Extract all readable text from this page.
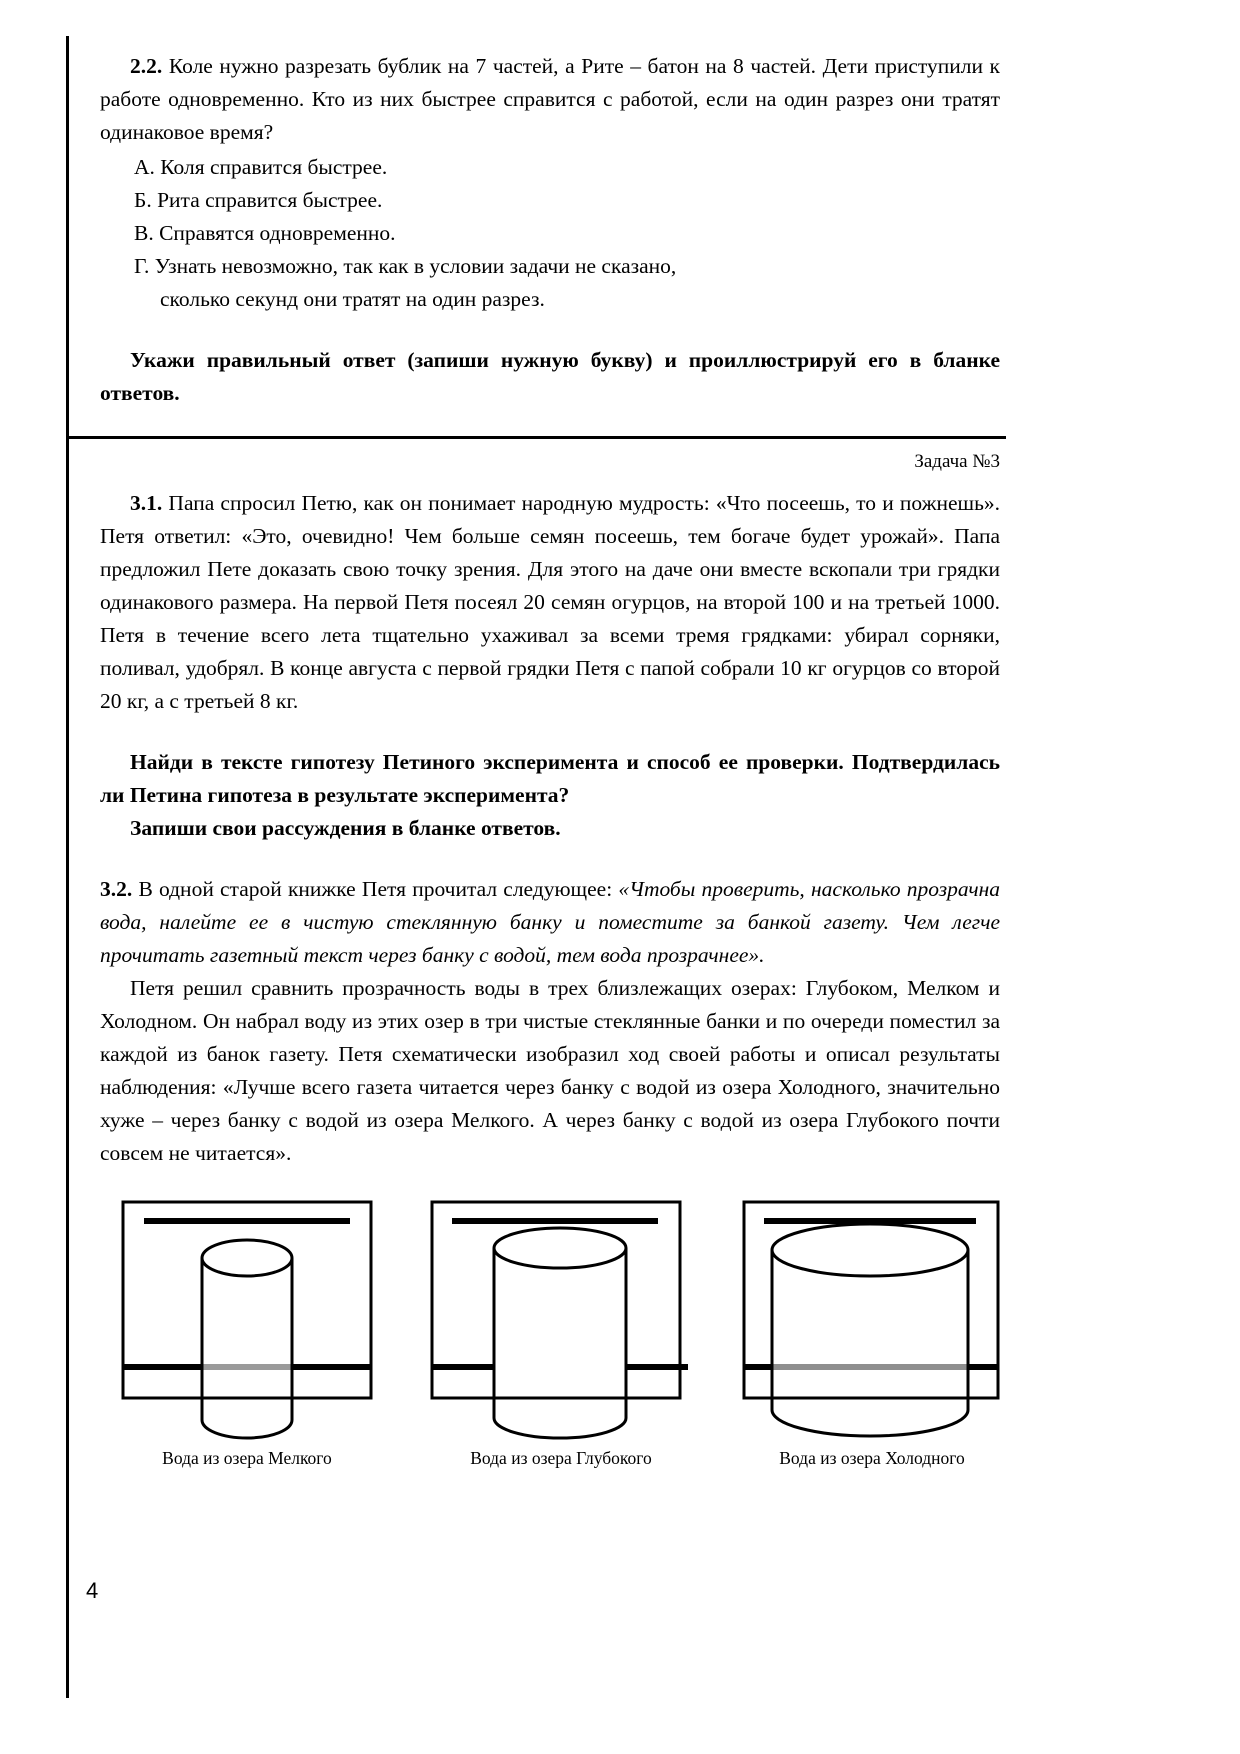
2.2. Коле нужно разрезать бублик на 7 частей, а Рите – батон на 8 частей. Дети приступили к работе одновременно. Кто из них быстрее справится с работой, если на один разрез они тратят одинаковое время?

А. Коля справится быстрее.
Б. Рита справится быстрее.
В. Справятся одновременно.
Г. Узнать невозможно, так как в условии задачи не сказано,
сколько секунд они тратят на один разрез.

Укажи правильный ответ (запиши нужную букву) и проиллюстрируй его в бланке ответов.

Задача №3

3.1. Папа спросил Петю, как он понимает народную мудрость: «Что посеешь, то и пожнешь». Петя ответил: «Это, очевидно! Чем больше семян посеешь, тем богаче будет урожай». Папа предложил Пете доказать свою точку зрения. Для этого на даче они вместе вскопали три грядки одинакового размера. На первой Петя посеял 20 семян огурцов, на второй 100 и на третьей 1000. Петя в течение всего лета тщательно ухаживал за всеми тремя грядками: убирал сорняки, поливал, удобрял. В конце августа с первой грядки Петя с папой собрали 10 кг огурцов со второй 20 кг, а с третьей 8 кг.

Найди в тексте гипотезу Петиного эксперимента и способ ее проверки. Подтвердилась ли Петина гипотеза в результате эксперимента?

Запиши свои рассуждения в бланке ответов.

3.2. В одной старой книжке Петя прочитал следующее: «Чтобы проверить, насколько прозрачна вода, налейте ее в чистую стеклянную банку и поместите за банкой газету. Чем легче прочитать газетный текст через банку с водой, тем вода прозрачнее».

Петя решил сравнить прозрачность воды в трех близлежащих озерах: Глубоком, Мелком и Холодном. Он набрал воду из этих озер в три чистые стеклянные банки и по очереди поместил за каждой из банок газету. Петя схематически изобразил ход своей работы и описал результаты наблюдения: «Лучше всего газета читается через банку с водой из озера Холодного, значительно хуже – через банку с водой из озера Мелкого. А через банку с водой из озера Глубокого почти совсем не читается».

Вода из озера Мелкого	Вода из озера Глубокого	Вода из озера Холодного
4
